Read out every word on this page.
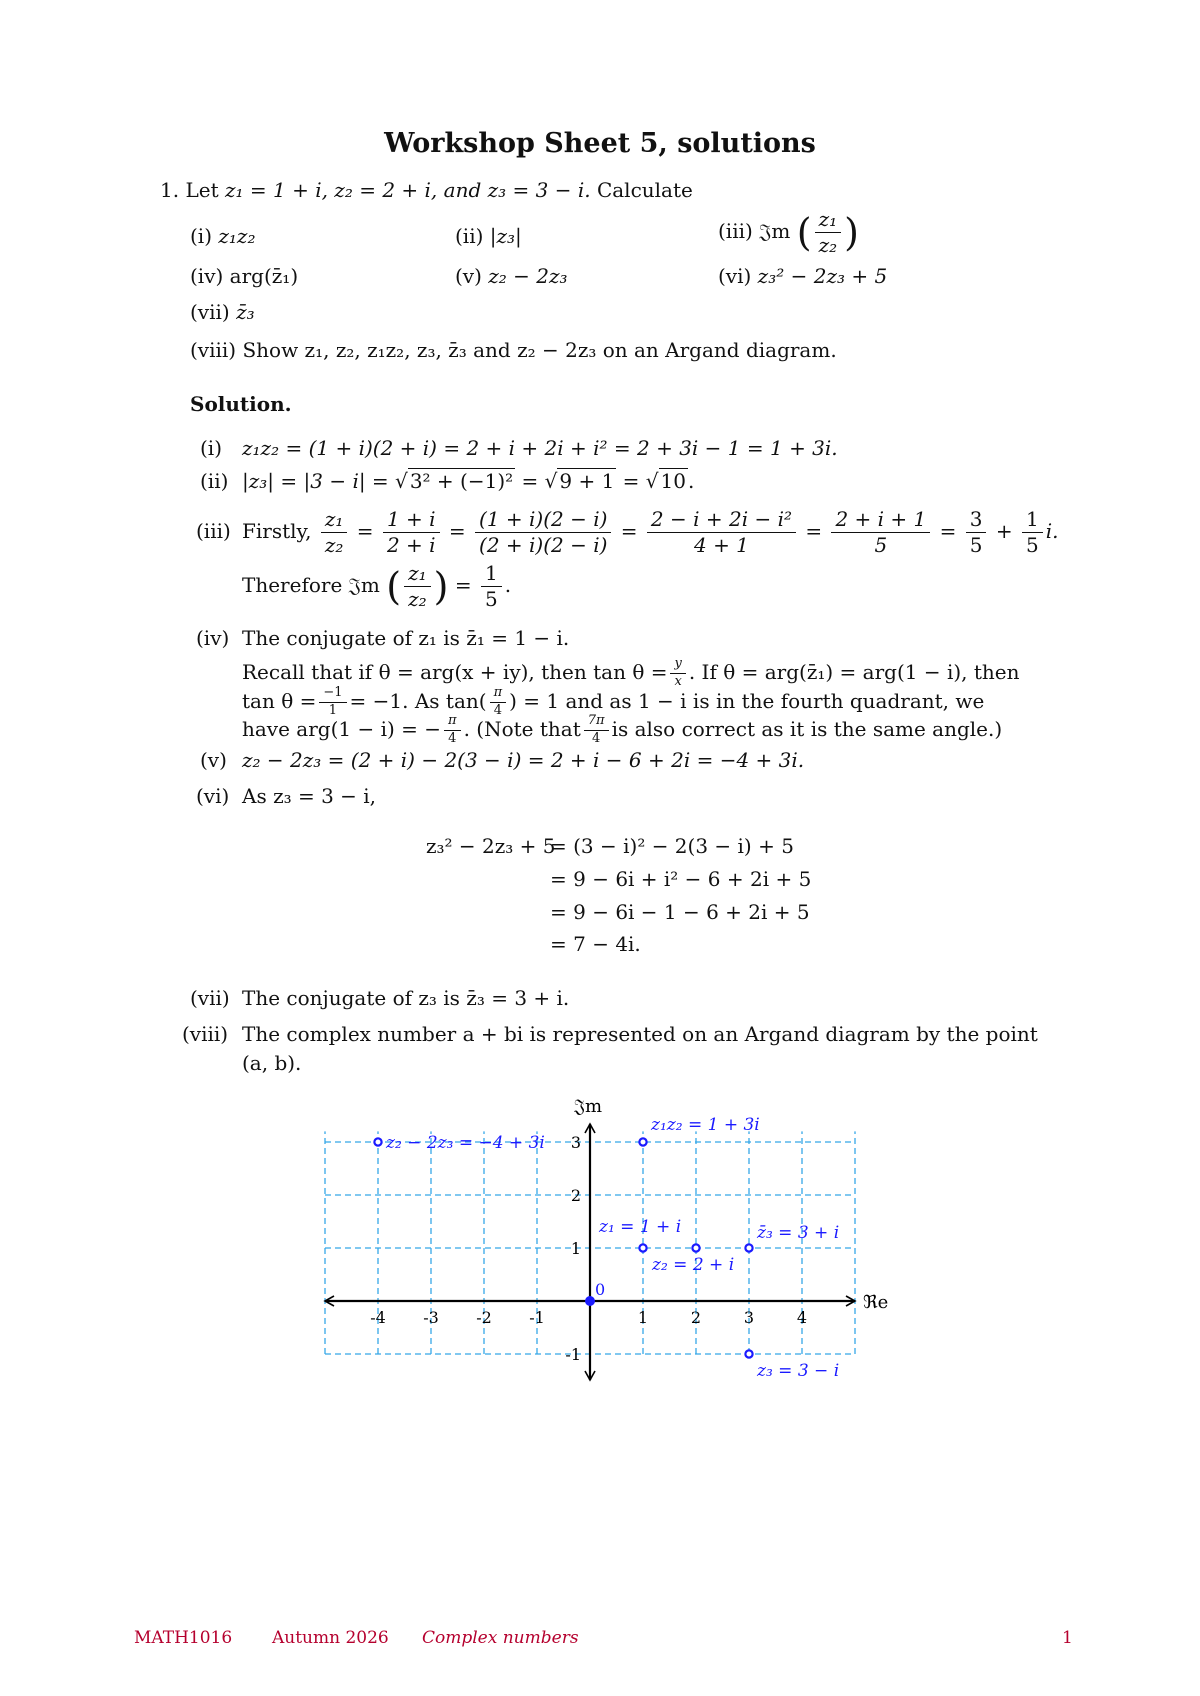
Workshop Sheet 5, solutions
1. Let z₁ = 1 + i, z₂ = 2 + i, and z₃ = 3 − i. Calculate
(i) z₁z₂	(ii) |z₃|	(iii) 𝔍m ( $\frac{\text{z₁}}{\text{z₂}}$ )
(iv) arg(z̄₁)	(v) z₂ − 2z₃	(vi) z₃² − 2z₃ + 5
(vii) z̄₃
(viii) Show z₁, z₂, z₁z₂, z₃, z̄₃ and z₂ − 2z₃ on an Argand diagram.
Solution.
(i) z₁z₂ = (1 + i)(2 + i) = 2 + i + 2i + i² = 2 + 3i − 1 = 1 + 3i.
(ii) |z₃| = |3 − i| = √ 3² + (−1)² = √ 9 + 1 = √ 10 .
(iii) Firstly, $\frac{\text{z₁}}{\text{z₂}} = \frac{1 + i}{2 + i} = \frac{(1 + i)(2 - i)}{(2 + i)(2 - i)} = \frac{\text{2 − i + 2i − i²}}{4 + 1} = \frac{2 + i + 1}{5} = \frac{3}{5} + \frac{1}{5} i$.
Therefore 𝔍m ( $\frac{\text{z₁}}{\text{z₂}}$ ) = $\frac{1}{5}$ .
(iv) The conjugate of z₁ is z̄₁ = 1 − i.
Recall that if θ = arg(x + iy), then $\tan \theta = \frac{y}{x}$ . If θ = arg(z̄₁) = arg(1 − i), then
$\tan \theta = \frac{-1}{1} = -1$. As $\tan( \frac{\pi}{4}$ ) = 1 and as 1 − i is in the fourth quadrant, we
have arg(1 − i) = − $\frac{\pi}{4}$ . (Note that $\frac{7\pi}{4}$ is also correct as it is the same angle.)
(v) z₂ − 2z₃ = (2 + i) − 2(3 − i) = 2 + i − 6 + 2i = −4 + 3i.
(vi) As z₃ = 3 − i,
z₃² − 2z₃ + 5
= (3 − i)² − 2(3 − i) + 5
= 9 − 6i + i² − 6 + 2i + 5
= 9 − 6i − 1 − 6 + 2i + 5
= 7 − 4i.
(vii) The conjugate of z₃ is z̄₃ = 3 + i.
(viii) The complex number a + bi is represented on an Argand diagram by the point
(a, b).
ℜe
𝔍m
-4 -3 -2 -1	1	2	3	4
-1
1
2
3
0
z₁ = 1 + i
z₂ = 2 + i
z₁z₂ = 1 + 3i
z₃ = 3 − i
z̄₃ = 3 + i
z₂ − 2z₃ = −4 + 3i
MATH1016 Autumn 2026 Complex numbers	1
